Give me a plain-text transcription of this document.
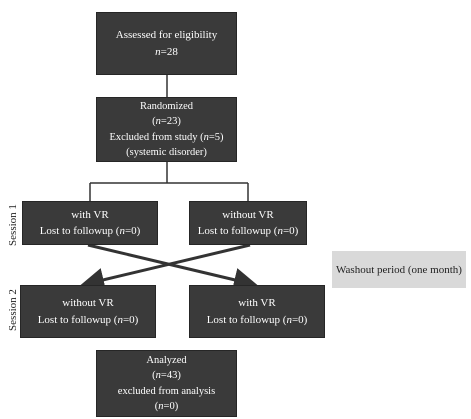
Assessed for eligibility
n=28
Randomized
(n=23)
Excluded from study (n=5)
(systemic disorder)
Session 1
Session 2
with VR
Lost to followup (n=0)
without VR
Lost to followup (n=0)
Washout period (one month)
without VR
Lost to followup (n=0)
with VR
Lost to followup (n=0)
Analyzed
(n=43)
excluded from analysis
(n=0)
